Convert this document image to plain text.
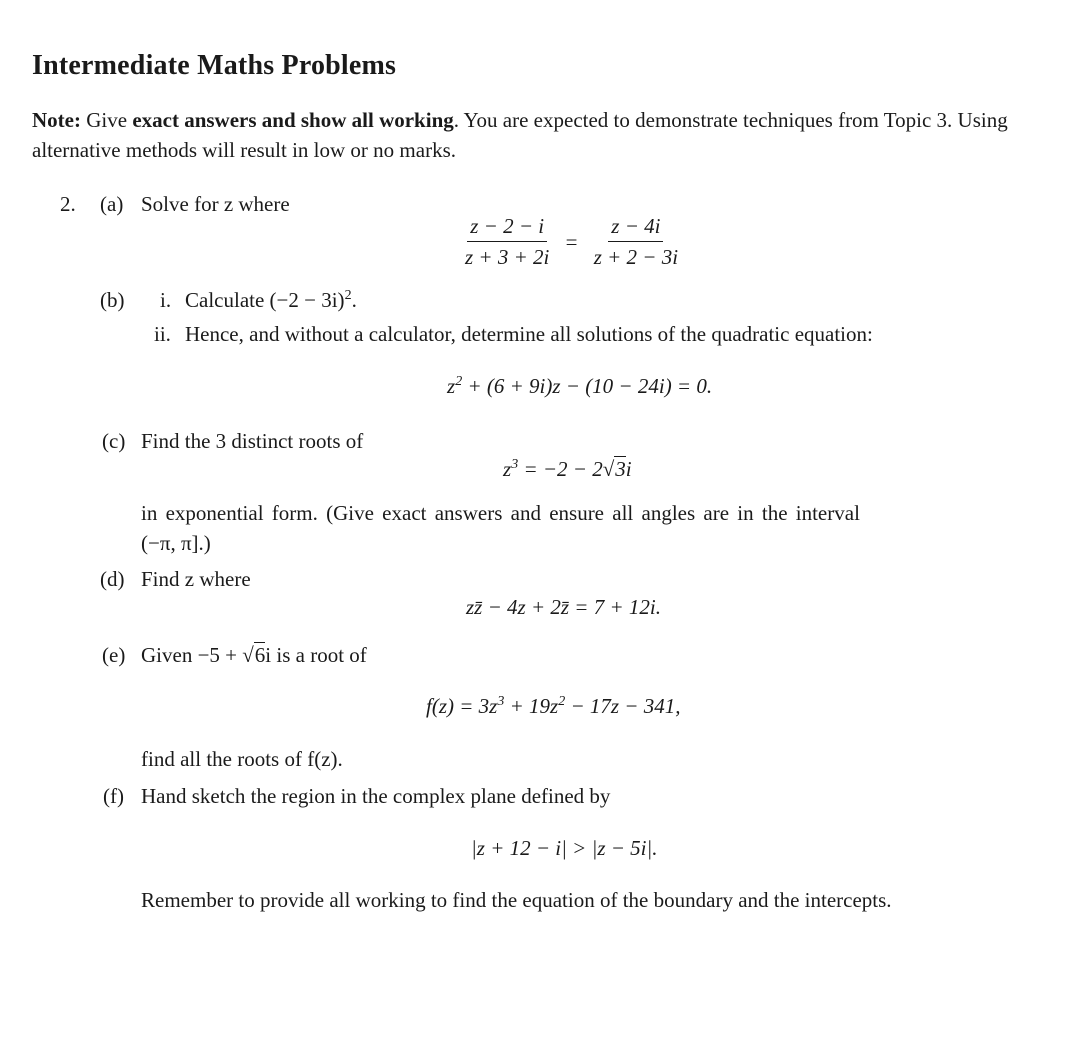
Intermediate Maths Problems
Note: Give exact answers and show all working. You are expected to demonstrate techniques from Topic 3. Using alternative methods will result in low or no marks.
2. (a) Solve for z where
$\frac{z - 2 - i}{z + 3 + 2i} = \frac{z - 4i}{z + 2 - 3i}$
(b) i. Calculate $(-2 - 3i)^2$.
ii. Hence, and without a calculator, determine all solutions of the quadratic equation:
$z^2 + (6 + 9i)z - (10 - 24i) = 0$.
(c) Find the 3 distinct roots of
$z^3 = -2 - 2√3i$
in exponential form. (Give exact answers and ensure all angles are in the interval
(−π, π].)
(d) Find z where
zz̄ − 4z + 2z̄ = 7 + 12i.
(e) Given −5 + √6i is a root of
$f(z) = 3z^3 + 19z^2 - 17z - 341$,
find all the roots of f(z).
(f) Hand sketch the region in the complex plane defined by
|z + 12 − i| > |z − 5i|.
Remember to provide all working to find the equation of the boundary and the intercepts.
